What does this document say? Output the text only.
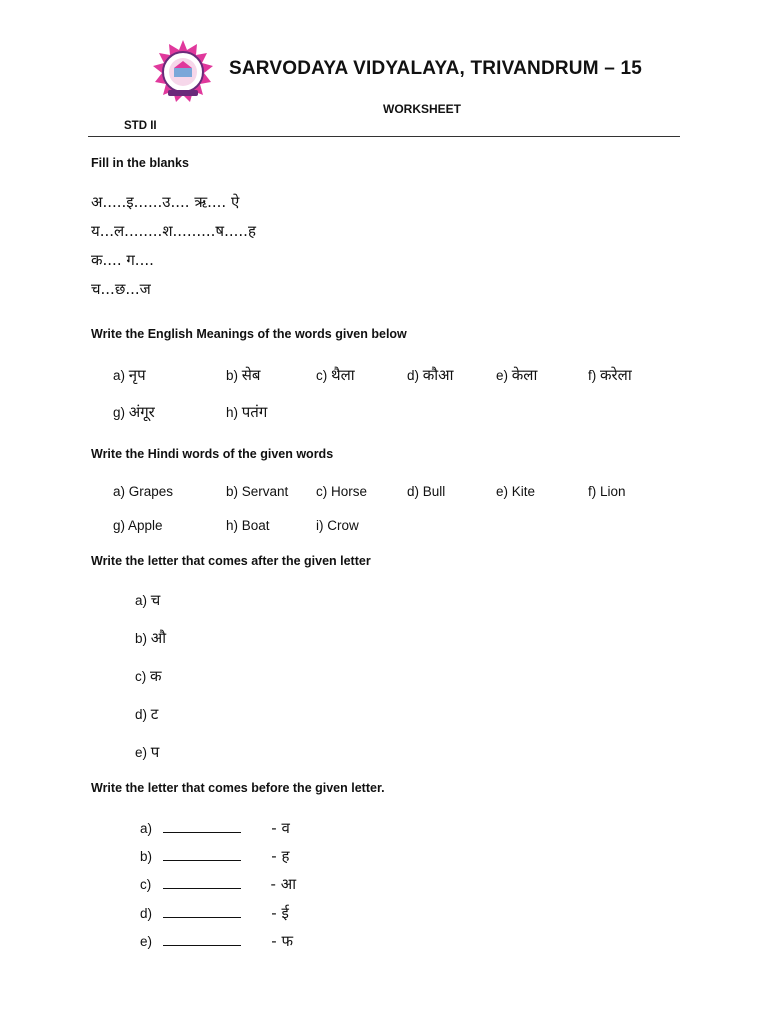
SARVODAYA VIDYALAYA, TRIVANDRUM – 15
WORKSHEET
STD II
Fill in the blanks
अ.....इ......उ.... ऋ.... ऐ
य...ल........श.........ष.....ह
क.... ग....
च...छ...ज
Write the English Meanings of the words given below
a) नृप	b) सेब	c) थैला	d) कौआ	e) केला	f) करेला
g) अंगूर	h) पतंग
Write the Hindi words of the given words
a) Grapes	b) Servant c) Horse	d) Bull	e) Kite	f) Lion
g) Apple	h) Boat	i) Crow
Write the letter that comes after the given letter
a) च
b) औ
c) क
d) ट
e) प
Write the letter that comes before the given letter.
a)	- व
b)	- ह
c)	- आ
d)	- ई
e)	- फ
